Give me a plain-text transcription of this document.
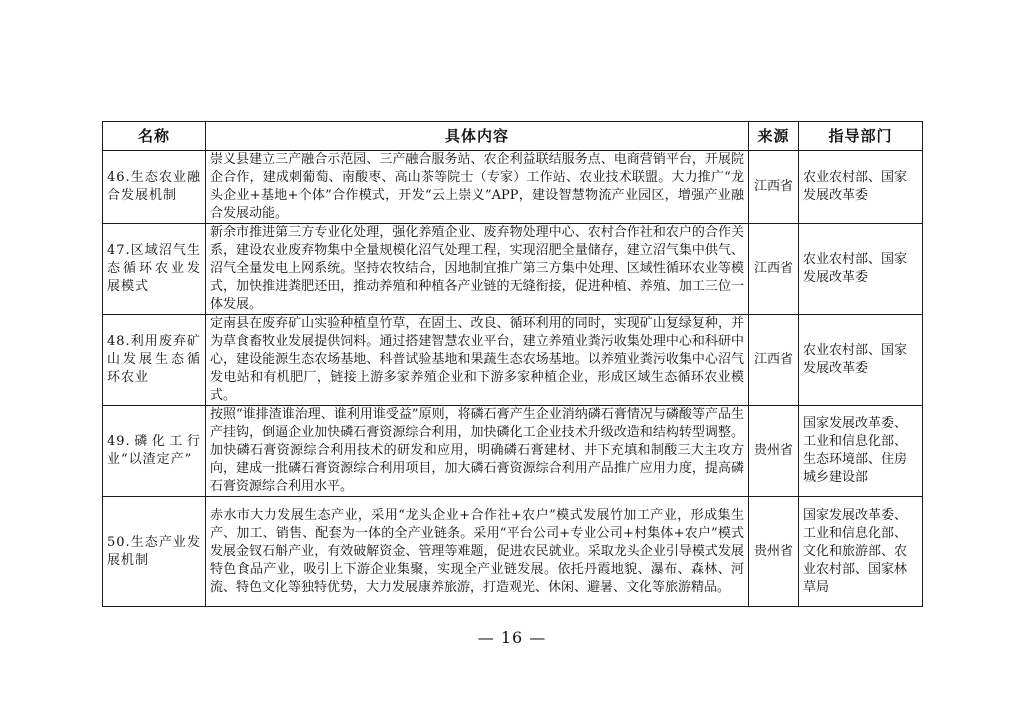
名称	具体内容	来源	指导部门
46.生态农业融合发展机制	崇义县建立三产融合示范园、三产融合服务站、农企利益联结服务点、电商营销平台，开展院企合作，建成刺葡萄、南酸枣、高山茶等院士（专家）工作站、农业技术联盟。大力推广“龙头企业+基地+个体”合作模式，开发“云上崇义”APP，建设智慧物流产业园区，增强产业融合发展动能。	江西省	农业农村部、国家发展改革委
47.区域沼气生态循环农业发展模式	新余市推进第三方专业化处理，强化养殖企业、废弃物处理中心、农村合作社和农户的合作关系，建设农业废弃物集中全量规模化沼气处理工程，实现沼肥全量储存，建立沼气集中供气、沼气全量发电上网系统。坚持农牧结合，因地制宜推广第三方集中处理、区域性循环农业等模式，加快推进粪肥还田，推动养殖和种植各产业链的无缝衔接，促进种植、养殖、加工三位一体发展。	江西省	农业农村部、国家发展改革委
48.利用废弃矿山发展生态循环农业	定南县在废弃矿山实验种植皇竹草，在固土、改良、循环利用的同时，实现矿山复绿复种，并为草食畜牧业发展提供饲料。通过搭建智慧农业平台，建立养殖业粪污收集处理中心和科研中心，建设能源生态农场基地、科普试验基地和果蔬生态农场基地。以养殖业粪污收集中心沼气发电站和有机肥厂，链接上游多家养殖企业和下游多家种植企业，形成区域生态循环农业模式。	江西省	农业农村部、国家发展改革委
49.磷化工行业“以渣定产”	按照“谁排渣谁治理、谁利用谁受益”原则，将磷石膏产生企业消纳磷石膏情况与磷酸等产品生产挂钩，倒逼企业加快磷石膏资源综合利用，加快磷化工企业技术升级改造和结构转型调整。加快磷石膏资源综合利用技术的研发和应用，明确磷石膏建材、井下充填和制酸三大主攻方向，建成一批磷石膏资源综合利用项目，加大磷石膏资源综合利用产品推广应用力度，提高磷石膏资源综合利用水平。	贵州省	国家发展改革委、工业和信息化部、生态环境部、住房城乡建设部
50.生态产业发展机制	赤水市大力发展生态产业，采用“龙头企业+合作社+农户”模式发展竹加工产业，形成集生产、加工、销售、配套为一体的全产业链条。采用“平台公司+专业公司+村集体+农户”模式发展金钗石斛产业，有效破解资金、管理等难题，促进农民就业。采取龙头企业引导模式发展特色食品产业，吸引上下游企业集聚，实现全产业链发展。依托丹霞地貌、瀑布、森林、河流、特色文化等独特优势，大力发展康养旅游，打造观光、休闲、避暑、文化等旅游精品。	贵州省	国家发展改革委、工业和信息化部、文化和旅游部、农业农村部、国家林草局
— 16 —
